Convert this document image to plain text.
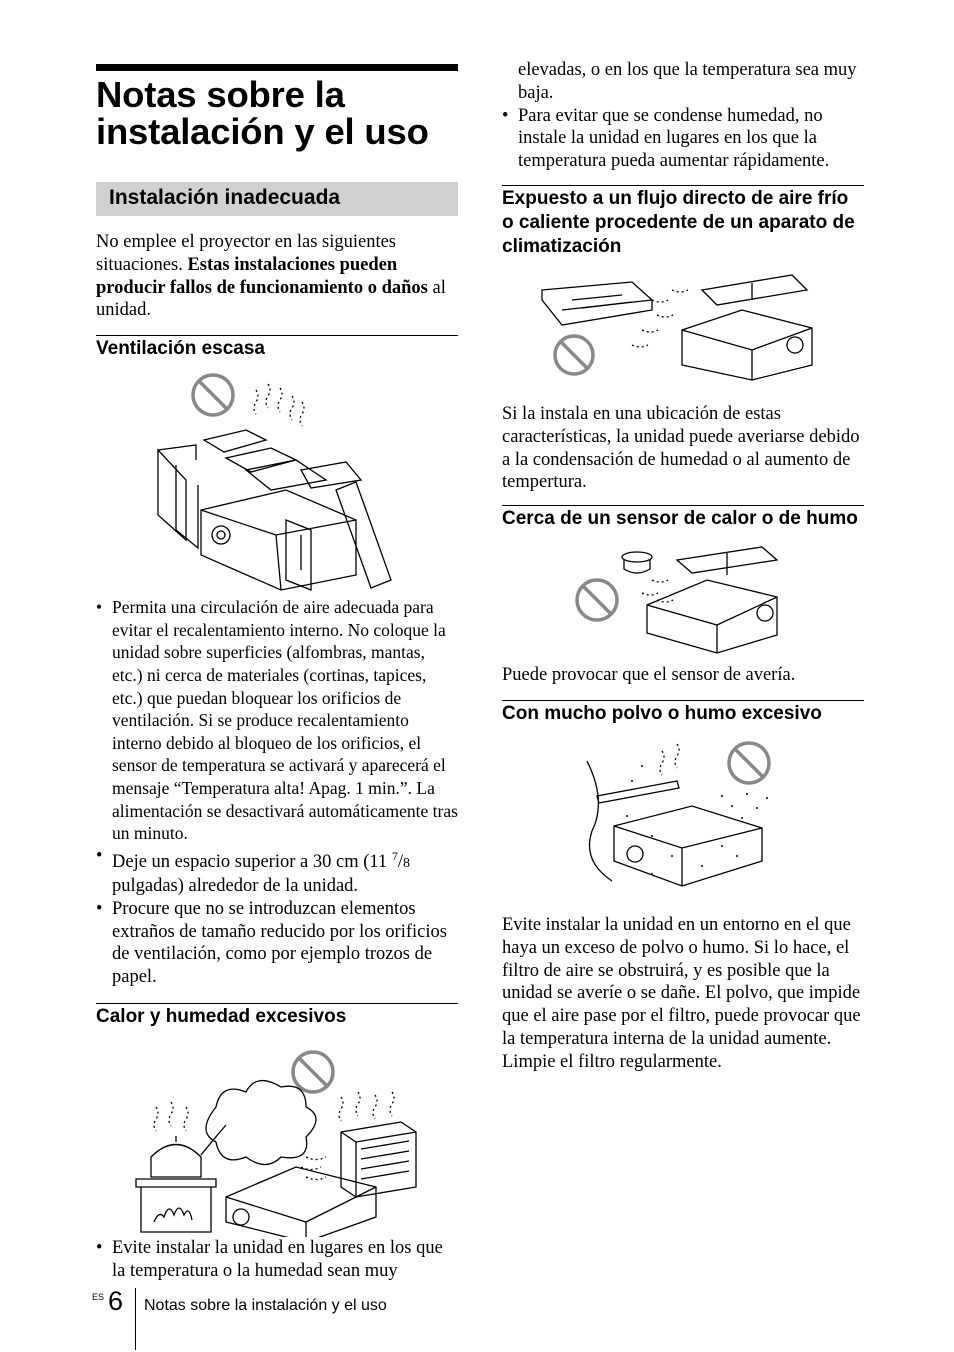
Notas sobre la instalación y el uso
Instalación inadecuada

No emplee el proyector en las siguientes situaciones. Estas instalaciones pueden producir fallos de funcionamiento o daños al unidad.

Ventilación escasa
• Permita una circulación de aire adecuada para evitar el recalentamiento interno. No coloque la unidad sobre superficies (alfombras, mantas, etc.) ni cerca de materiales (cortinas, tapices, etc.) que puedan bloquear los orificios de ventilación. Si se produce recalentamiento interno debido al bloqueo de los orificios, el sensor de temperatura se activará y aparecerá el mensaje “Temperatura alta! Apag. 1 min.”. La alimentación se desactivará automáticamente tras un minuto.
• Deje un espacio superior a 30 cm (11 $^7$/8 pulgadas) alrededor de la unidad.
• Procure que no se introduzcan elementos extraños de tamaño reducido por los orificios de ventilación, como por ejemplo trozos de papel.
Calor y humedad excesivos
• Evite instalar la unidad en lugares en los que la temperatura o la humedad sean muy

elevadas, o en los que la temperatura sea muy baja.

• Para evitar que se condense humedad, no instale la unidad en lugares en los que la temperatura pueda aumentar rápidamente.
Expuesto a un flujo directo de aire frío o caliente procedente de un aparato de climatización

Si la instala en una ubicación de estas características, la unidad puede averiarse debido a la condensación de humedad o al aumento de tempertura.

Cerca de un sensor de calor o de humo

Puede provocar que el sensor de avería.

Con mucho polvo o humo excesivo

Evite instalar la unidad en un entorno en el que haya un exceso de polvo o humo. Si lo hace, el filtro de aire se obstruirá, y es posible que la unidad se averíe o se dañe. El polvo, que impide que el aire pase por el filtro, puede provocar que la temperatura interna de la unidad aumente. Limpie el filtro regularmente.

ES 6 Notas sobre la instalación y el uso
